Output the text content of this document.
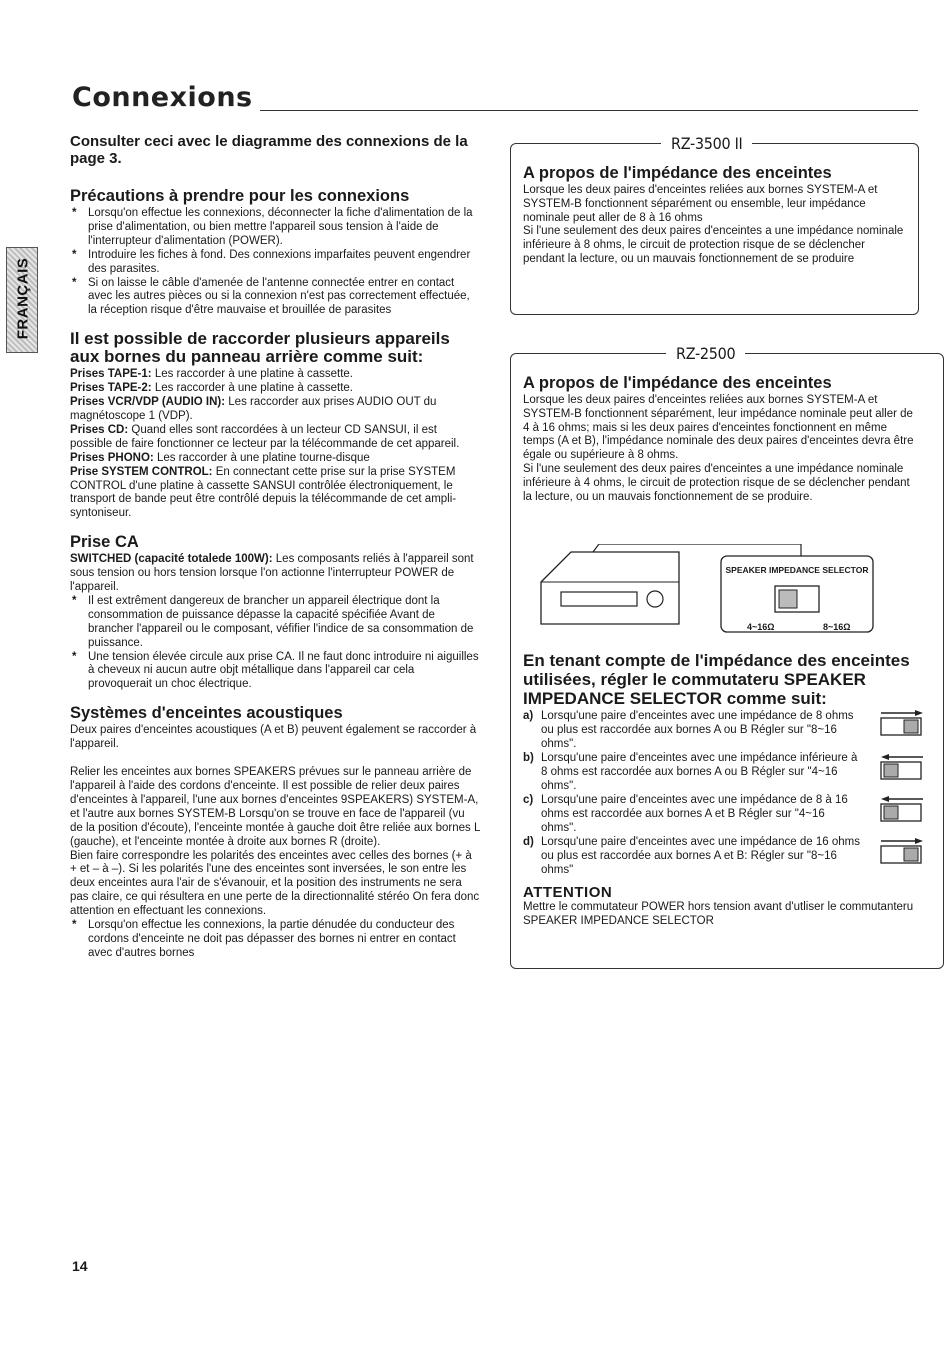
Connexions
FRANÇAIS
Consulter ceci avec le diagramme des connexions de la page 3.
Précautions à prendre pour les connexions
* Lorsqu'on effectue les connexions, déconnecter la fiche d'alimentation de la prise d'alimentation, ou bien mettre l'appareil sous tension à l'aide de l'interrupteur d'alimentation (POWER).
* Introduire les fiches à fond. Des connexions imparfaites peuvent engendrer des parasites.
* Si on laisse le câble d'amenée de l'antenne connectée entrer en contact avec les autres pièces ou si la connexion n'est pas correctement effectuée, la réception risque d'être mauvaise et brouillée de parasites
Il est possible de raccorder plusieurs appareils aux bornes du panneau arrière comme suit:

Prises TAPE-1: Les raccorder à une platine à cassette.

Prises TAPE-2: Les raccorder à une platine à cassette.

Prises VCR/VDP (AUDIO IN): Les raccorder aux prises AUDIO OUT du magnétoscope 1 (VDP).

Prises CD: Quand elles sont raccordées à un lecteur CD SANSUI, il est possible de faire fonctionner ce lecteur par la télécommande de cet appareil.

Prises PHONO: Les raccorder à une platine tourne-disque

Prise SYSTEM CONTROL: En connectant cette prise sur la prise SYSTEM CONTROL d'une platine à cassette SANSUI contrôlée électroniquement, le transport de bande peut être contrôlé depuis la télécommande de cet ampli-syntoniseur.

Prise CA

SWITCHED (capacité totalede 100W): Les composants reliés à l'appareil sont sous tension ou hors tension lorsque l'on actionne l'interrupteur POWER de l'appareil.

* Il est extrêment dangereux de brancher un appareil électrique dont la consommation de puissance dépasse la capacité spécifiée Avant de brancher l'appareil ou le composant, véfifier l'indice de sa consommation de puissance.
* Une tension élevée circule aux prise CA. Il ne faut donc introduire ni aiguilles à cheveux ni aucun autre objt métallique dans l'appareil car cela provoquerait un choc électrique.
Systèmes d'enceintes acoustiques

Deux paires d'enceintes acoustiques (A et B) peuvent également se raccorder à l'appareil.

Relier les enceintes aux bornes SPEAKERS prévues sur le panneau arrière de l'appareil à l'aide des cordons d'enceinte. Il est possible de relier deux paires d'enceintes à l'appareil, l'une aux bornes d'enceintes 9SPEAKERS) SYSTEM-A, et l'autre aux bornes SYSTEM-B Lorsqu'on se trouve en face de l'appareil (vu de la position d'écoute), l'enceinte montée à gauche doit être reliée aux bornes L (gauche), et l'enceinte montée à droite aux bornes R (droite).

Bien faire correspondre les polarités des enceintes avec celles des bornes (+ à + et – à –). Si les polarités l'une des enceintes sont inversées, le son entre les deux enceintes aura l'air de s'évanouir, et la position des instruments ne sera pas claire, ce qui résultera en une perte de la directionnalité stéréo On fera donc attention en effectuant les connexions.

* Lorsqu'on effectue les connexions, la partie dénudée du conducteur des cordons d'enceinte ne doit pas dépasser des bornes ni entrer en contact avec d'autres bornes
RZ-3500 II
A propos de l'impédance des enceintes

Lorsque les deux paires d'enceintes reliées aux bornes SYSTEM-A et SYSTEM-B fonctionnent séparément ou ensemble, leur impédance nominale peut aller de 8 à 16 ohms

Si l'une seulement des deux paires d'enceintes a une impédance nominale inférieure à 8 ohms, le circuit de protection risque de se déclencher pendant la lecture, ou un mauvais fonctionnement de se produire

RZ-2500
A propos de l'impédance des enceintes

Lorsque les deux paires d'enceintes reliées aux bornes SYSTEM-A et SYSTEM-B fonctionnent séparément, leur impédance nominale peut aller de 4 à 16 ohms; mais si les deux paires d'enceintes fonctionnent en même temps (A et B), l'impédance nominale des deux paires d'enceintes devra être égale ou supérieure à 8 ohms.

Si l'une seulement des deux paires d'enceintes a une impédance nominale inférieure à 4 ohms, le circuit de protection risque de se déclencher pendant la lecture, ou un mauvais fonctionnement de se produire.

SPEAKER IMPEDANCE SELECTOR
4~16Ω	8~16Ω
En tenant compte de l'impédance des enceintes utilisées, régler le commutateru SPEAKER IMPEDANCE SELECTOR comme suit:
a) Lorsqu'une paire d'enceintes avec une impédance de 8 ohms ou plus est raccordée aux bornes A ou B Régler sur "8~16 ohms".

b) Lorsqu'une paire d'enceintes avec une impédance inférieure à 8 ohms est raccordée aux bornes A ou B Régler sur "4~16 ohms".

c) Lorsqu'une paire d'enceintes avec une impédance de 8 à 16 ohms est raccordée aux bornes A et B Régler sur "4~16 ohms".

d) Lorsqu'une paire d'enceintes avec une impédance de 16 ohms ou plus est raccordée aux bornes A et B: Régler sur "8~16 ohms"

ATTENTION

Mettre le commutateur POWER hors tension avant d'utliser le commutanteru SPEAKER IMPEDANCE SELECTOR

14
